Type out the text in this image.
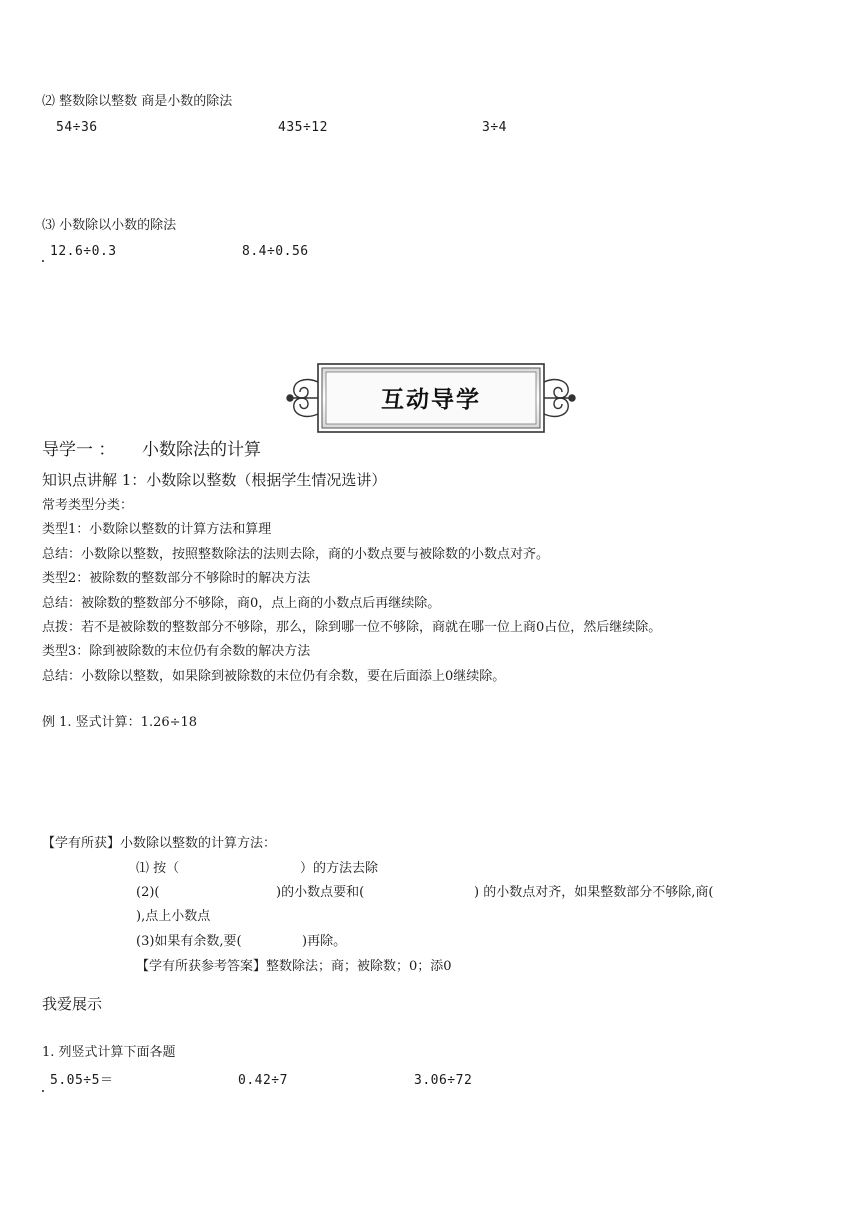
⑵ 整数除以整数 商是小数的除法
54÷36	435÷12	3÷4
⑶ 小数除以小数的除法
12.6÷0.3	8.4÷0.56
互动导学
导学一 ： 小数除法的计算
知识点讲解 1：小数除以整数（根据学生情况选讲）
常考类型分类：
类型1：小数除以整数的计算方法和算理
总结：小数除以整数，按照整数除法的法则去除，商的小数点要与被除数的小数点对齐。
类型2：被除数的整数部分不够除时的解决方法
总结：被除数的整数部分不够除，商0，点上商的小数点后再继续除。
点拨：若不是被除数的整数部分不够除，那么，除到哪一位不够除，商就在哪一位上商0占位，然后继续除。
类型3：除到被除数的末位仍有余数的解决方法
总结：小数除以整数，如果除到被除数的末位仍有余数，要在后面添上0继续除。
例 1. 竖式计算：1.26÷18
【学有所获】小数除以整数的计算方法：
⑴ 按（	）的方法去除
(2)(	)的小数点要和(	) 的小数点对齐，如果整数部分不够除,商(
),点上小数点
(3)如果有余数,要(	)再除。
【学有所获参考答案】整数除法；商；被除数；0；添0
我爱展示
1. 列竖式计算下面各题
5.05÷5＝	0.42÷7	3.06÷72
